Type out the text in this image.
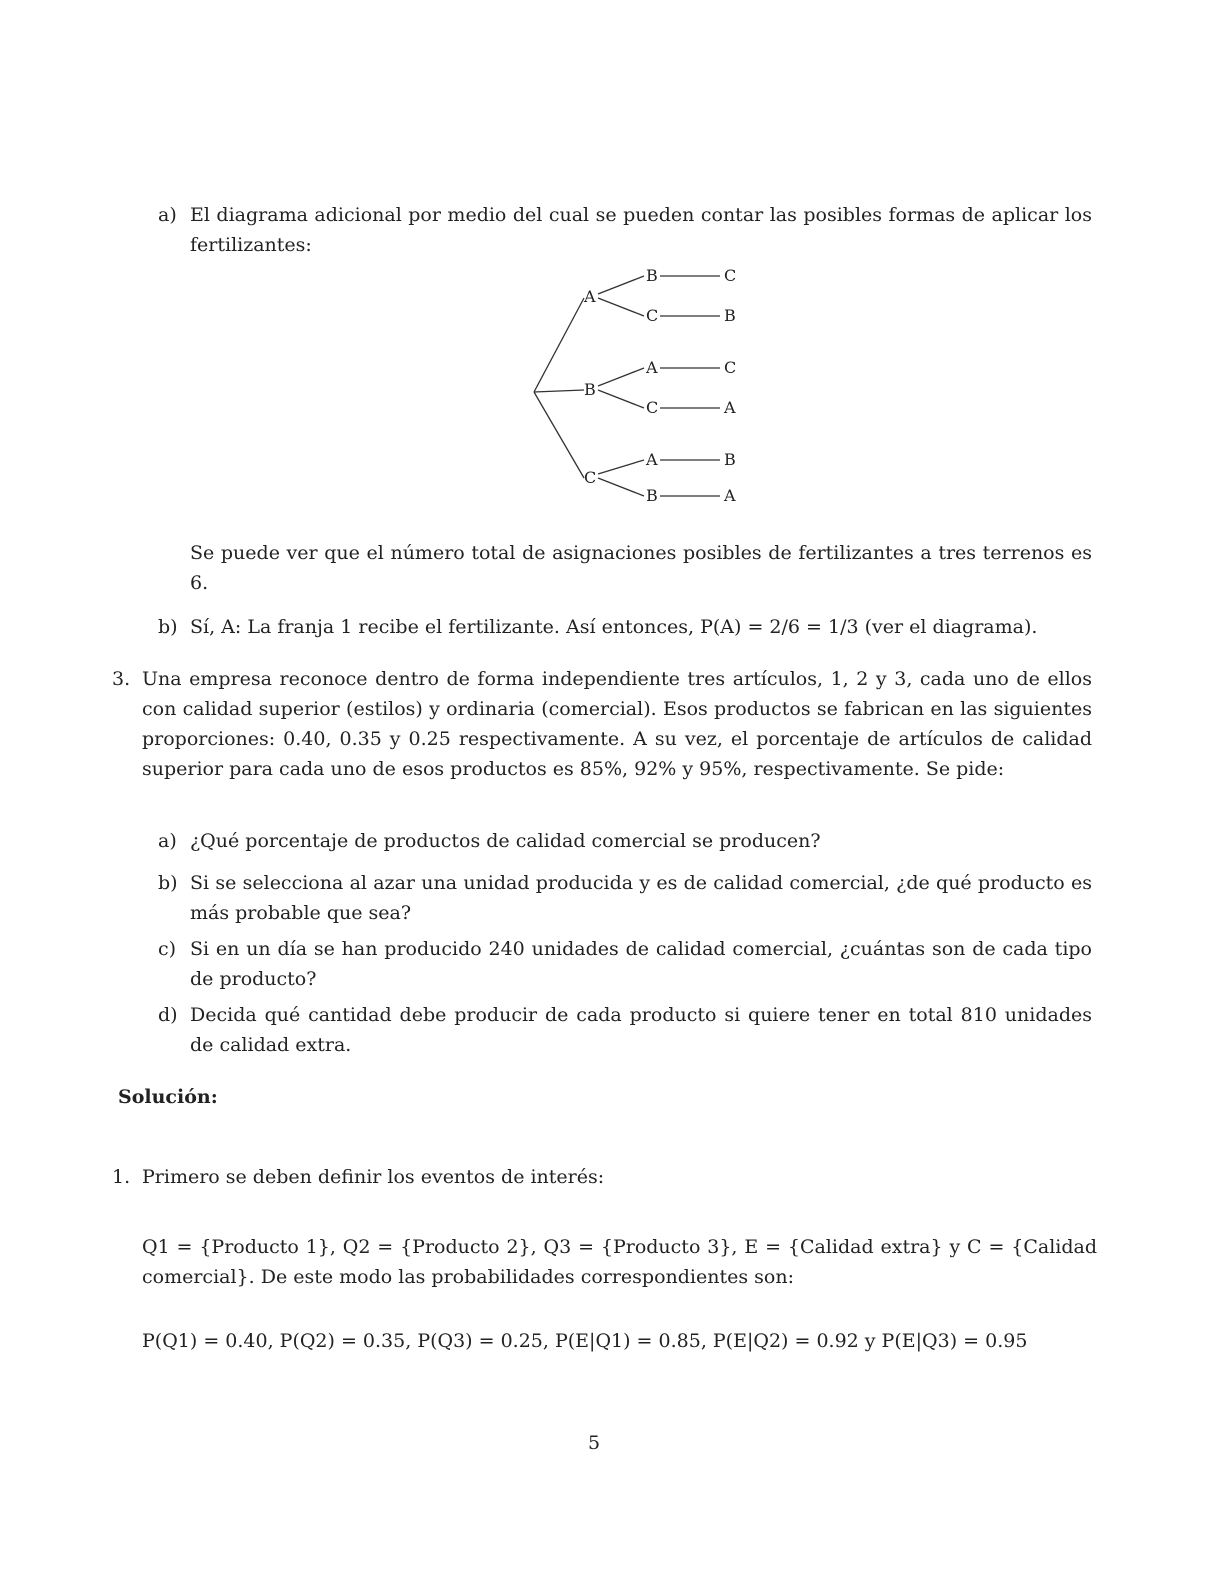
a) El diagrama adicional por medio del cual se pueden contar las posibles formas de aplicar los fertilizantes:
A
B
C
B	C
C	B
A	C
C	A
A	B
B	A
Se puede ver que el número total de asignaciones posibles de fertilizantes a tres terrenos es 6.
b) Sí, A: La franja 1 recibe el fertilizante. Así entonces, P(A) = 2/6 = 1/3 (ver el diagrama).
3. Una empresa reconoce dentro de forma independiente tres artículos, 1, 2 y 3, cada uno de ellos con calidad superior (estilos) y ordinaria (comercial). Esos productos se fabrican en las siguientes proporciones: 0.40, 0.35 y 0.25 respectivamente. A su vez, el porcentaje de artículos de calidad superior para cada uno de esos productos es 85%, 92% y 95%, respectivamente. Se pide:
a) ¿Qué porcentaje de productos de calidad comercial se producen?
b) Si se selecciona al azar una unidad producida y es de calidad comercial, ¿de qué producto es más probable que sea?
c) Si en un día se han producido 240 unidades de calidad comercial, ¿cuántas son de cada tipo de producto?
d) Decida qué cantidad debe producir de cada producto si quiere tener en total 810 unidades de calidad extra.
Solución:
1. Primero se deben definir los eventos de interés:
Q1 = {Producto 1}, Q2 = {Producto 2}, Q3 = {Producto 3}, E = {Calidad extra} y C = {Calidad comercial}. De este modo las probabilidades correspondientes son:
P(Q1) = 0.40, P(Q2) = 0.35, P(Q3) = 0.25, P(E|Q1) = 0.85, P(E|Q2) = 0.92 y P(E|Q3) = 0.95
5
